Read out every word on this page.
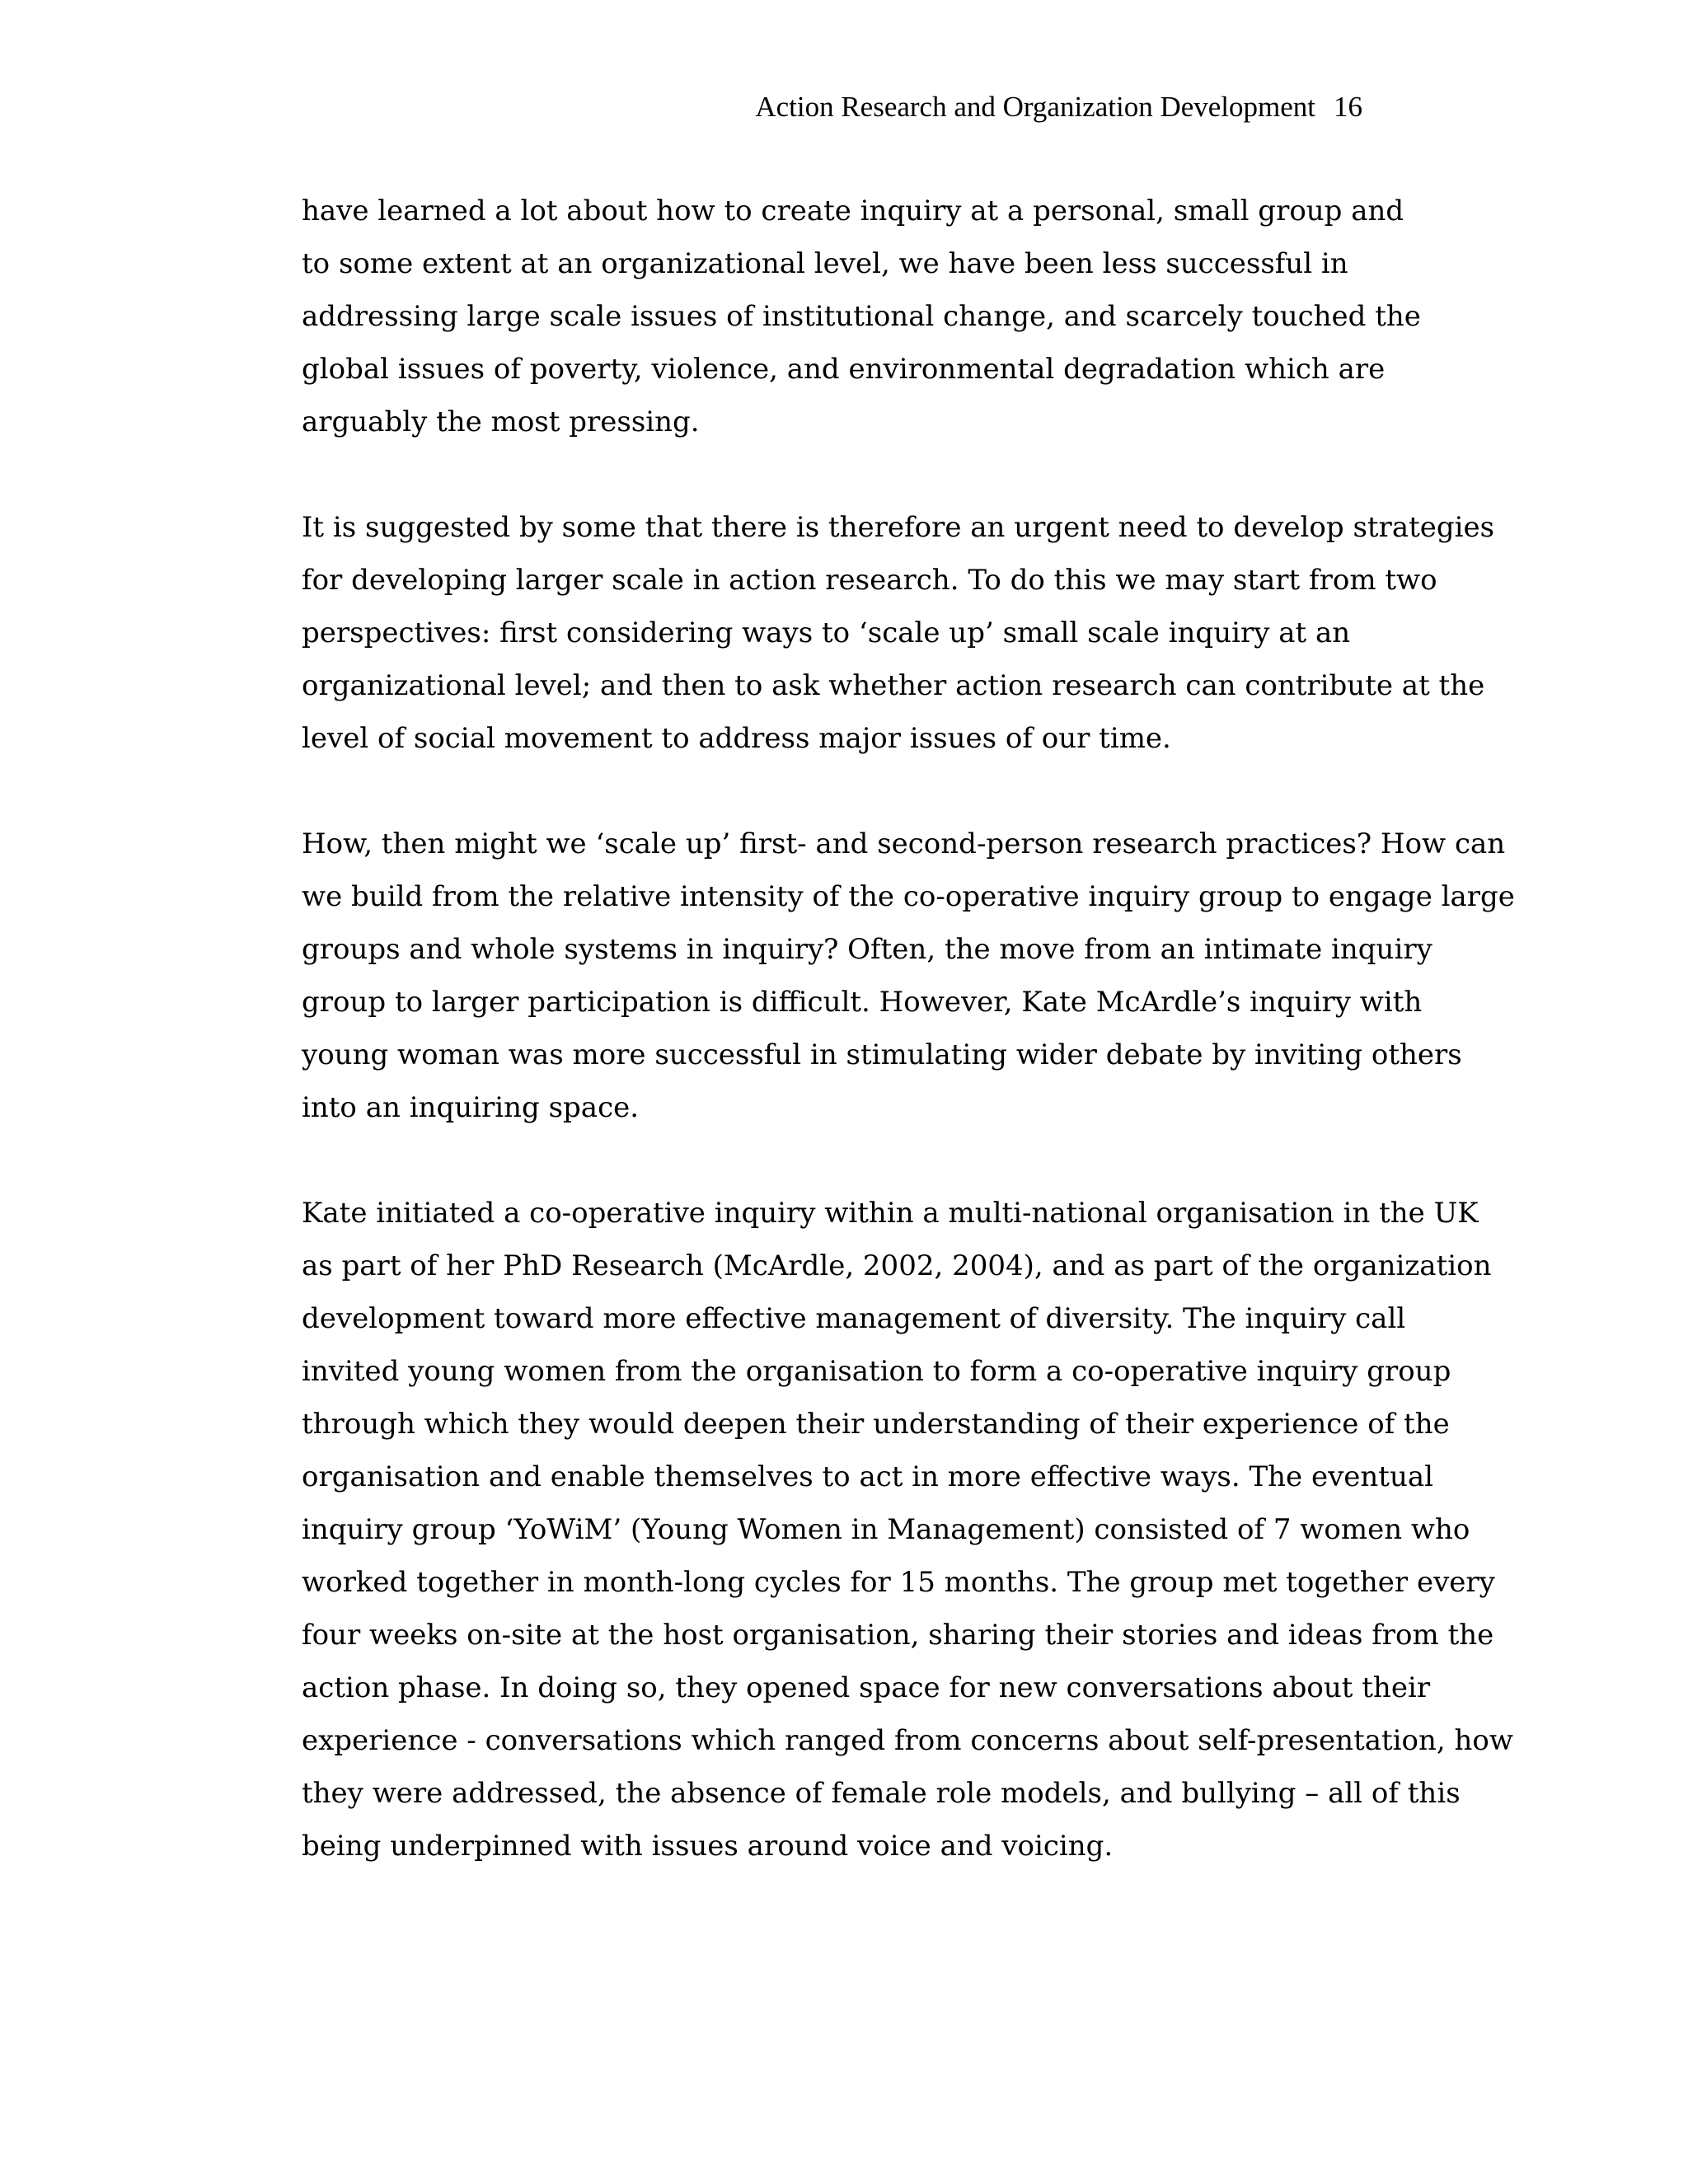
Action Research and Organization Development 16
have learned a lot about how to create inquiry at a personal, small group and
to some extent at an organizational level, we have been less successful in
addressing large scale issues of institutional change, and scarcely touched the
global issues of poverty, violence, and environmental degradation which are
arguably the most pressing.
It is suggested by some that there is therefore an urgent need to develop strategies
for developing larger scale in action research. To do this we may start from two
perspectives: first considering ways to ‘scale up’ small scale inquiry at an
organizational level; and then to ask whether action research can contribute at the
level of social movement to address major issues of our time.
How, then might we ‘scale up’ first- and second-person research practices? How can
we build from the relative intensity of the co-operative inquiry group to engage large
groups and whole systems in inquiry? Often, the move from an intimate inquiry
group to larger participation is difficult. However, Kate McArdle’s inquiry with
young woman was more successful in stimulating wider debate by inviting others
into an inquiring space.
Kate initiated a co-operative inquiry within a multi-national organisation in the UK
as part of her PhD Research (McArdle, 2002, 2004), and as part of the organization
development toward more effective management of diversity. The inquiry call
invited young women from the organisation to form a co-operative inquiry group
through which they would deepen their understanding of their experience of the
organisation and enable themselves to act in more effective ways. The eventual
inquiry group ‘YoWiM’ (Young Women in Management) consisted of 7 women who
worked together in month-long cycles for 15 months. The group met together every
four weeks on-site at the host organisation, sharing their stories and ideas from the
action phase. In doing so, they opened space for new conversations about their
experience - conversations which ranged from concerns about self-presentation, how
they were addressed, the absence of female role models, and bullying – all of this
being underpinned with issues around voice and voicing.
